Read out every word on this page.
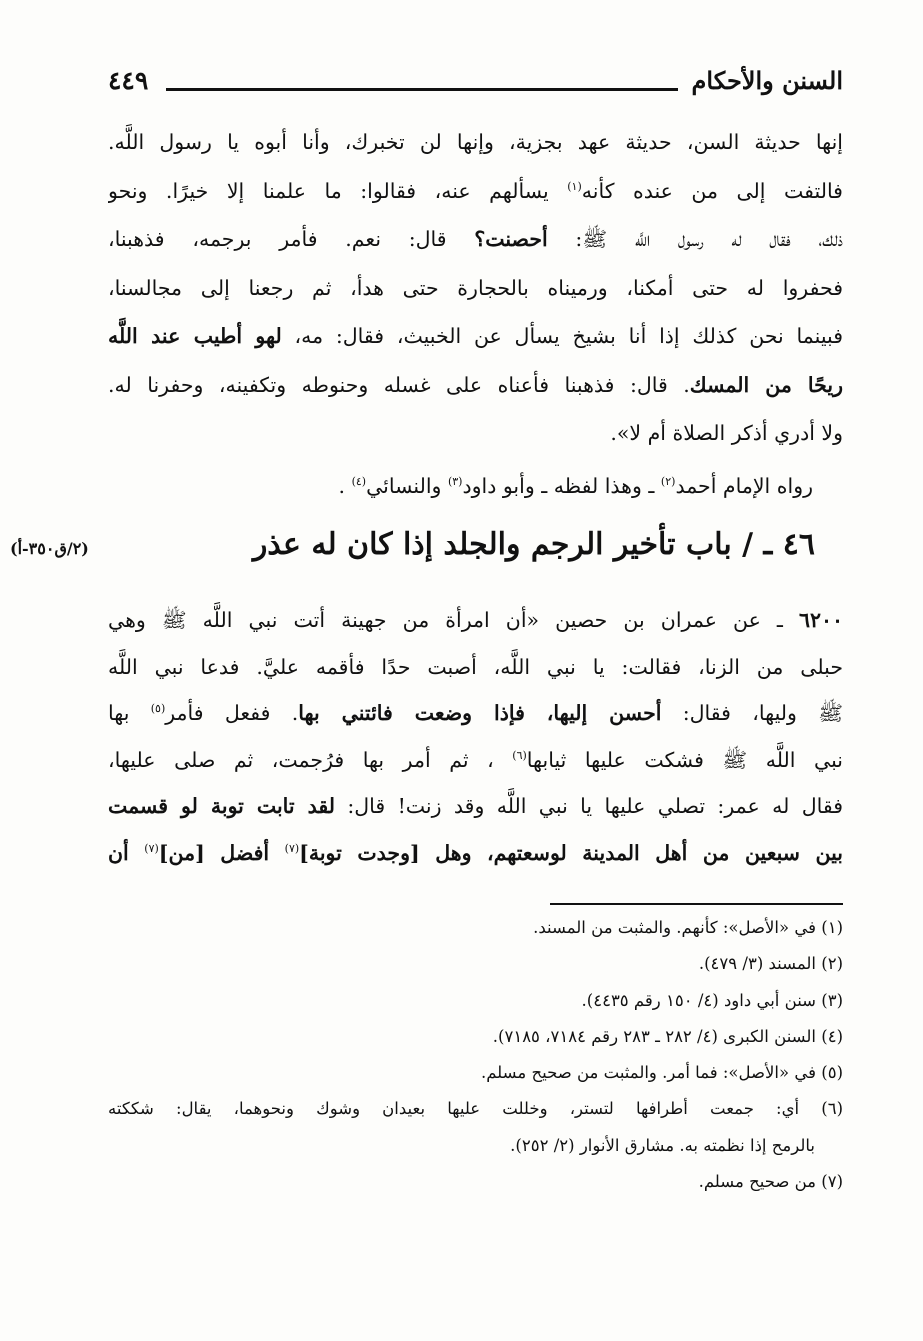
السنن والأحكام
٤٤٩
إنها حديثة السن، حديثة عهد بجزية، وإنها لن تخبرك، وأنا أبوه يا رسول اللَّه.
فالتفت إلى من عنده كأنه$^{(١)}$ يسألهم عنه، فقالوا: ما علمنا إلا خيرًا. ونحو
ذلك، فقال له رسول اللَّه ﷺ: أحصنت؟ قال: نعم. فأمر برجمه، فذهبنا،
فحفروا له حتى أمكنا، ورميناه بالحجارة حتى هدأ، ثم رجعنا إلى مجالسنا،
فبينما نحن كذلك إذا أنا بشيخ يسأل عن الخبيث، فقال: مه، لهو أطيب عند اللَّه
ريحًا من المسك. قال: فذهبنا فأعناه على غسله وحنوطه وتكفينه، وحفرنا له.
ولا أدري أذكر الصلاة أم لا».
رواه الإمام أحمد$^{(٢)}$ ـ وهذا لفظه ـ وأبو داود$^{(٣)}$ والنسائي$^{(٤)}$ .
٤٦ ـ / باب تأخير الرجم والجلد إذا كان له عذر
(٢/ق٣٥٠-أ)
٦٢٠٠ ـ عن عمران بن حصين «أن امرأة من جهينة أتت نبي اللَّه ﷺ وهي
حبلى من الزنا، فقالت: يا نبي اللَّه، أصبت حدًا فأقمه عليَّ. فدعا نبي اللَّه
ﷺ وليها، فقال: أحسن إليها، فإذا وضعت فائتني بها. ففعل فأمر$^{(٥)}$ بها
نبي اللَّه ﷺ فشكت عليها ثيابها$^{(٦)}$ ، ثم أمر بها فرُجمت، ثم صلى عليها،
فقال له عمر: تصلي عليها يا نبي اللَّه وقد زنت! قال: لقد تابت توبة لو قسمت
بين سبعين من أهل المدينة لوسعتهم، وهل [وجدت توبة]$^{(٧)}$ أفضل [من]$^{(٧)}$ أن
(١) في «الأصل»: كأنهم. والمثبت من المسند.
(٢) المسند (٣/ ٤٧٩).
(٣) سنن أبي داود (٤/ ١٥٠ رقم ٤٤٣٥).
(٤) السنن الكبرى (٤/ ٢٨٢ ـ ٢٨٣ رقم ٧١٨٤، ٧١٨٥).
(٥) في «الأصل»: فما أمر. والمثبت من صحيح مسلم.
(٦) أي: جمعت أطرافها لتستر، وخللت عليها بعيدان وشوك ونحوهما، يقال: شككته
بالرمح إذا نظمته به. مشارق الأنوار (٢/ ٢٥٢).
(٧) من صحيح مسلم.
